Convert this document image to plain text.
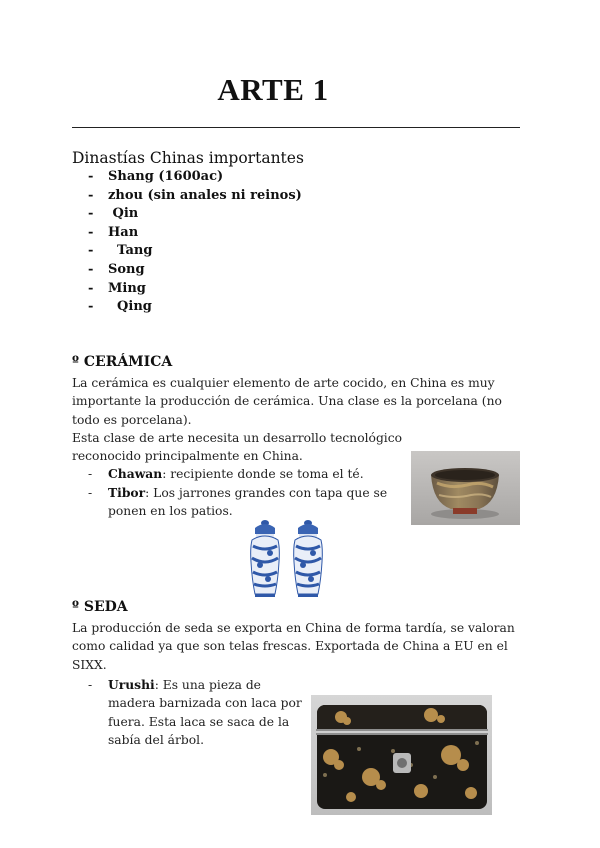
ARTE 1
Dinastías Chinas importantes
- Shang (1600ac)
- zhou (sin anales ni reinos)
- Qin
- Han
-  Tang
- Song
- Ming
-  Qing
º CERÁMICA

La cerámica es cualquier elemento de arte cocido, en China es muy

importante la producción de cerámica. Una clase es la porcelana (no

todo es porcelana).

Esta clase de arte necesita un desarrollo tecnológico

reconocido principalmente en China.

- Chawan: recipiente donde se toma el té.
- Tibor: Los jarrones grandes con tapa que se
ponen en los patios.
º SEDA

La producción de seda se exporta en China de forma tardía, se valoran

como calidad ya que son telas frescas. Exportada de China a EU en el

SIXX.

- Urushi: Es una pieza de
madera barnizada con laca por
fuera. Esta laca se saca de la
sabía del árbol.
